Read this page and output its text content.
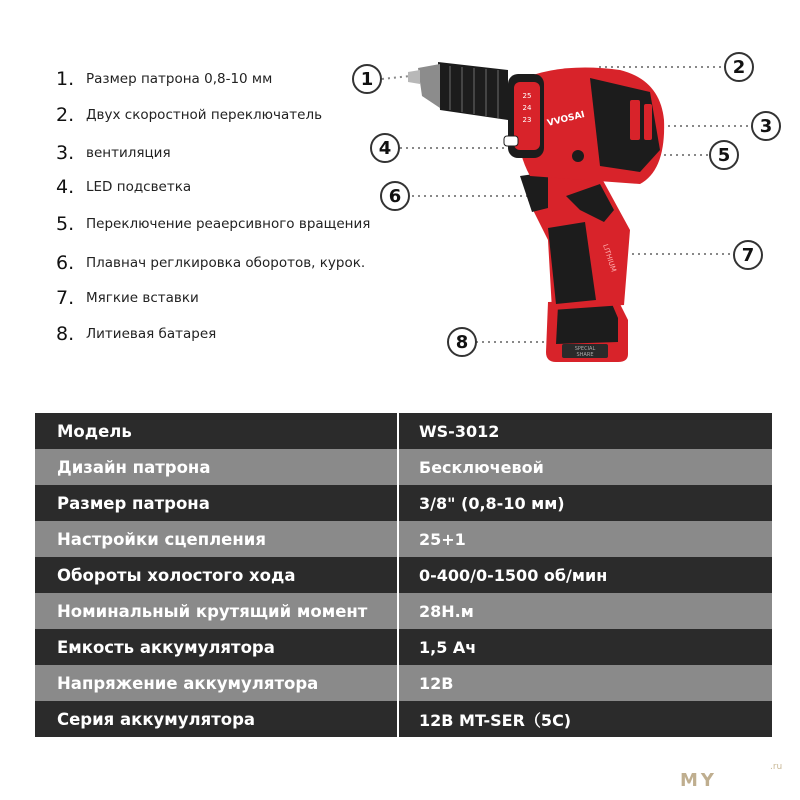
1. Размер патрона 0,8-10 мм
2. Двух скоростной переключатель
3. вентиляция
4. LED подсветка
5. Переключение реаерсивного вращения
6. Плавнач реглкировка оборотов, курок.
7. Мягкие вставки
8. Литиевая батарея
SPECIAL
SHARE
LITHIUM
VVOSAI
25
24
23
1
2
3
4	5
6
7
8
Модель	WS-3012
Дизайн патрона	Бесключевой
Размер патрона	3/8" (0,8-10 мм)
Настройки сцепления	25+1
Обороты холостого хода	0-400/0-1500 об/мин
Номинальный крутящий момент	28Н.м
Емкость аккумулятора	1,5 Ач
Напряжение аккумулятора	12В
Серия аккумулятора	12В MT-SER（5C)
MY
.ru
